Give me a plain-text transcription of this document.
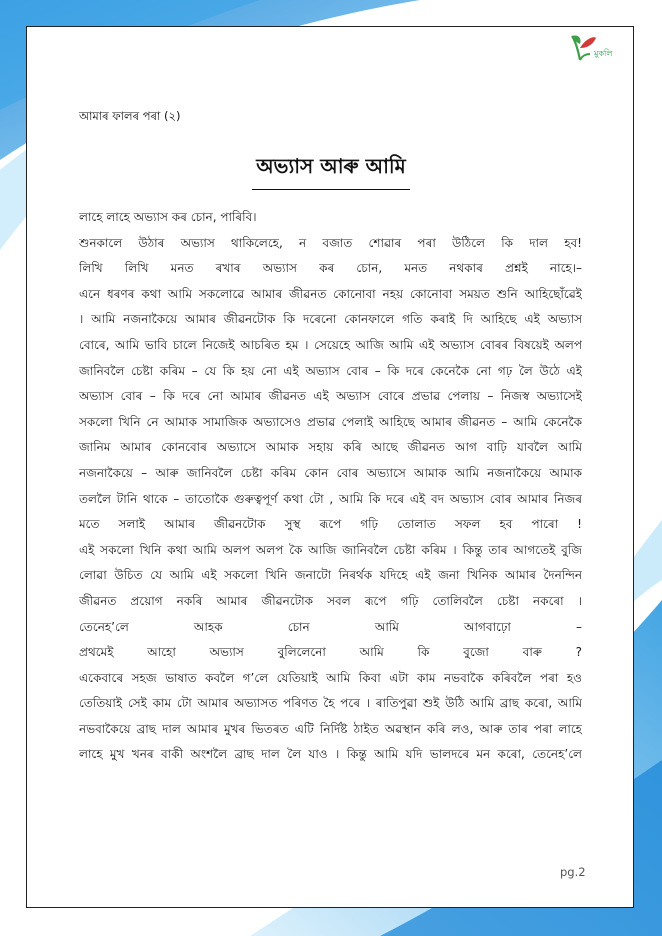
মুকলি
আমাৰ ফালৰ পৰা (২)
অভ্যাস আৰু আমি
লাহে লাহে অভ্যাস কৰ চোন, পাৰিবি।
শুনকালে উঠাৰ অভ্যাস থাকিলেহে, ন বজাত শোৱাৰ পৰা উঠিলে কি দাল হব!
লিখি লিখি মনত ৰখাৰ অভ্যাস কৰ চোন, মনত নথকাৰ প্ৰশ্নই নাহে।–
এনে ধৰণৰ কথা আমি সকলোৱে আমাৰ জীৱনত কোনোবা নহয় কোনোবা সময়ত শুনি আহিছোঁৱেই
। আমি নজনাকৈয়ে আমাৰ জীৱনটোক কি দৰেনো কোনফালে গতি কৰাই দি আহিছে এই অভ্যাস
বোৰে, আমি ভাবি চালে নিজেই আচৰিত হম । সেয়েহে আজি আমি এই অভ্যাস বোৰৰ বিষয়েই অলপ
জানিবলৈ চেষ্টা কৰিম – যে কি হয় নো এই অভ্যাস বোৰ – কি দৰে কেনেকৈ নো গঢ় লৈ উঠে এই
অভ্যাস বোৰ – কি দৰে নো আমাৰ জীৱনত এই অভ্যাস বোৰে প্ৰভাৱ পেলায় – নিজস্ব অভ্যাসেই
সকলো খিনি নে আমাক সামাজিক অভ্যাসেও প্ৰভাৱ পেলাই আহিছে আমাৰ জীৱনত – আমি কেনেকৈ
জানিম আমাৰ কোনবোৰ অভ্যাসে আমাক সহায় কৰি আছে জীৱনত আগ বাঢ়ি যাবলৈ আমি
নজনাকৈয়ে – আৰু জানিবলৈ চেষ্টা কৰিম কোন বোৰ অভ্যাসে আমাক আমি নজনাকৈয়ে আমাক
তললৈ টানি থাকে – তাতোকৈ গুৰুত্বপূৰ্ণ কথা টো , আমি কি দৰে এই বদ অভ্যাস বোৰ আমাৰ নিজৰ
মতে সলাই আমাৰ জীৱনটোক সুস্থ ৰূপে গঢ়ি তোলাত সফল হব পাৰো !
এই সকলো খিনি কথা আমি অলপ অলপ কৈ আজি জানিবলৈ চেষ্টা কৰিম । কিন্তু তাৰ আগতেই বুজি
লোৱা উচিত যে আমি এই সকলো খিনি জনাটো নিৰৰ্থক যদিহে এই জনা খিনিক আমাৰ দৈনন্দিন
জীৱনত প্ৰয়োগ নকৰি আমাৰ জীৱনটোক সবল ৰূপে গঢ়ি তোলিবলৈ চেষ্টা নকৰো ।
তেনেহ’লে আহক চোন আমি আগবাঢ়ো –
প্ৰথমেই আহো অভ্যাস বুলিলেনো আমি কি বুজো বাৰু ?
একেবাৰে সহজ ভাষাত কবলৈ গ’লে যেতিয়াই আমি কিবা এটা কাম নভবাকৈ কৰিবলৈ পৰা হও
তেতিয়াই সেই কাম টো আমাৰ অভ্যাসত পৰিণত হৈ পৰে । ৰাতিপুৱা শুই উঠি আমি ব্ৰাছ কৰো, আমি
নভবাকৈয়ে ব্ৰাছ দাল আমাৰ মুখৰ ভিতৰত এটি নিৰ্দিষ্ট ঠাইত অৱস্থান কৰি লও, আৰু তাৰ পৰা লাহে
লাহে মুখ খনৰ বাকী অংশলৈ ব্ৰাছ দাল লৈ যাও । কিন্তু আমি যদি ভালদৰে মন কৰো, তেনেহ’লে
pg.2
